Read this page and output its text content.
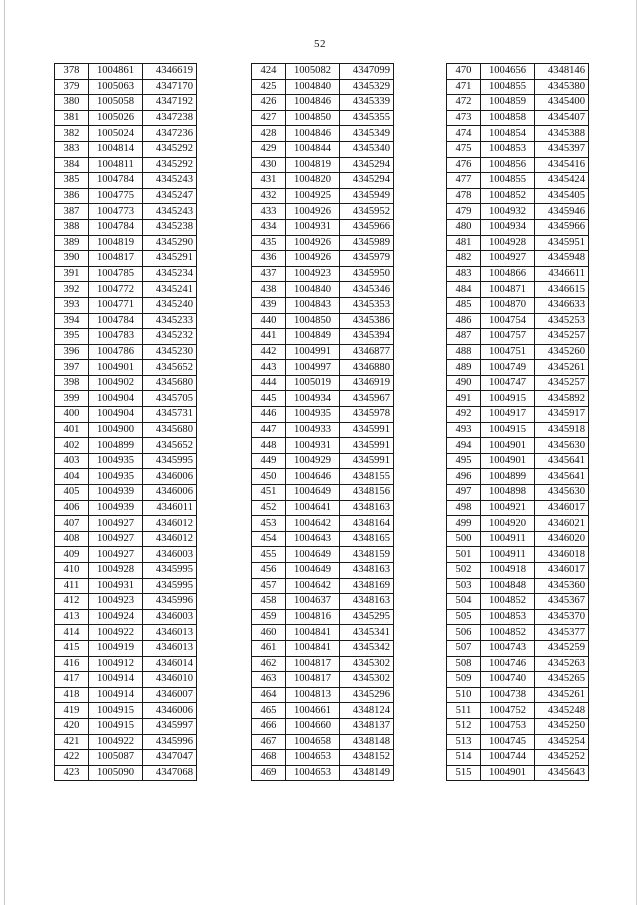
52
378	1004861	4346619
379	1005063	4347170
380	1005058	4347192
381	1005026	4347238
382	1005024	4347236
383	1004814	4345292
384	1004811	4345292
385	1004784	4345243
386	1004775	4345247
387	1004773	4345243
388	1004784	4345238
389	1004819	4345290
390	1004817	4345291
391	1004785	4345234
392	1004772	4345241
393	1004771	4345240
394	1004784	4345233
395	1004783	4345232
396	1004786	4345230
397	1004901	4345652
398	1004902	4345680
399	1004904	4345705
400	1004904	4345731
401	1004900	4345680
402	1004899	4345652
403	1004935	4345995
404	1004935	4346006
405	1004939	4346006
406	1004939	4346011
407	1004927	4346012
408	1004927	4346012
409	1004927	4346003
410	1004928	4345995
411	1004931	4345995
412	1004923	4345996
413	1004924	4346003
414	1004922	4346013
415	1004919	4346013
416	1004912	4346014
417	1004914	4346010
418	1004914	4346007
419	1004915	4346006
420	1004915	4345997
421	1004922	4345996
422	1005087	4347047
423	1005090	4347068
424	1005082	4347099
425	1004840	4345329
426	1004846	4345339
427	1004850	4345355
428	1004846	4345349
429	1004844	4345340
430	1004819	4345294
431	1004820	4345294
432	1004925	4345949
433	1004926	4345952
434	1004931	4345966
435	1004926	4345989
436	1004926	4345979
437	1004923	4345950
438	1004840	4345346
439	1004843	4345353
440	1004850	4345386
441	1004849	4345394
442	1004991	4346877
443	1004997	4346880
444	1005019	4346919
445	1004934	4345967
446	1004935	4345978
447	1004933	4345991
448	1004931	4345991
449	1004929	4345991
450	1004646	4348155
451	1004649	4348156
452	1004641	4348163
453	1004642	4348164
454	1004643	4348165
455	1004649	4348159
456	1004649	4348163
457	1004642	4348169
458	1004637	4348163
459	1004816	4345295
460	1004841	4345341
461	1004841	4345342
462	1004817	4345302
463	1004817	4345302
464	1004813	4345296
465	1004661	4348124
466	1004660	4348137
467	1004658	4348148
468	1004653	4348152
469	1004653	4348149
470	1004656	4348146
471	1004855	4345380
472	1004859	4345400
473	1004858	4345407
474	1004854	4345388
475	1004853	4345397
476	1004856	4345416
477	1004855	4345424
478	1004852	4345405
479	1004932	4345946
480	1004934	4345966
481	1004928	4345951
482	1004927	4345948
483	1004866	4346611
484	1004871	4346615
485	1004870	4346633
486	1004754	4345253
487	1004757	4345257
488	1004751	4345260
489	1004749	4345261
490	1004747	4345257
491	1004915	4345892
492	1004917	4345917
493	1004915	4345918
494	1004901	4345630
495	1004901	4345641
496	1004899	4345641
497	1004898	4345630
498	1004921	4346017
499	1004920	4346021
500	1004911	4346020
501	1004911	4346018
502	1004918	4346017
503	1004848	4345360
504	1004852	4345367
505	1004853	4345370
506	1004852	4345377
507	1004743	4345259
508	1004746	4345263
509	1004740	4345265
510	1004738	4345261
511	1004752	4345248
512	1004753	4345250
513	1004745	4345254
514	1004744	4345252
515	1004901	4345643
